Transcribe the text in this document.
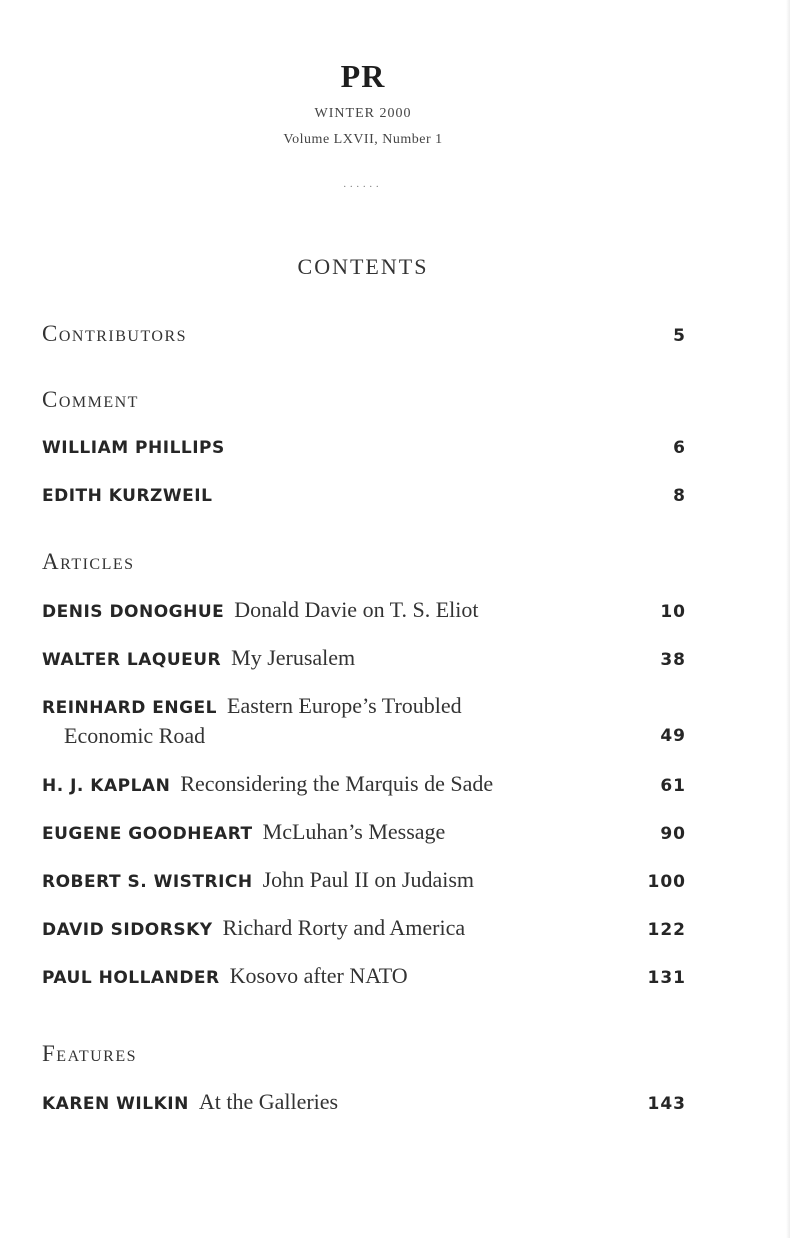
PR
WINTER 2000
Volume LXVII, Number 1
......
CONTENTS
Contributors	5
Comment
WILLIAM PHILLIPS	6
EDITH KURZWEIL	8
Articles
DENIS DONOGHUE Donald Davie on T. S. Eliot	10
WALTER LAQUEUR My Jerusalem	38
REINHARD ENGEL Eastern Europe’s Troubled
Economic Road	49
H. J. KAPLAN Reconsidering the Marquis de Sade	61
EUGENE GOODHEART McLuhan’s Message	90
ROBERT S. WISTRICH John Paul II on Judaism	100
DAVID SIDORSKY Richard Rorty and America	122
PAUL HOLLANDER Kosovo after NATO	131
Features
KAREN WILKIN At the Galleries	143
